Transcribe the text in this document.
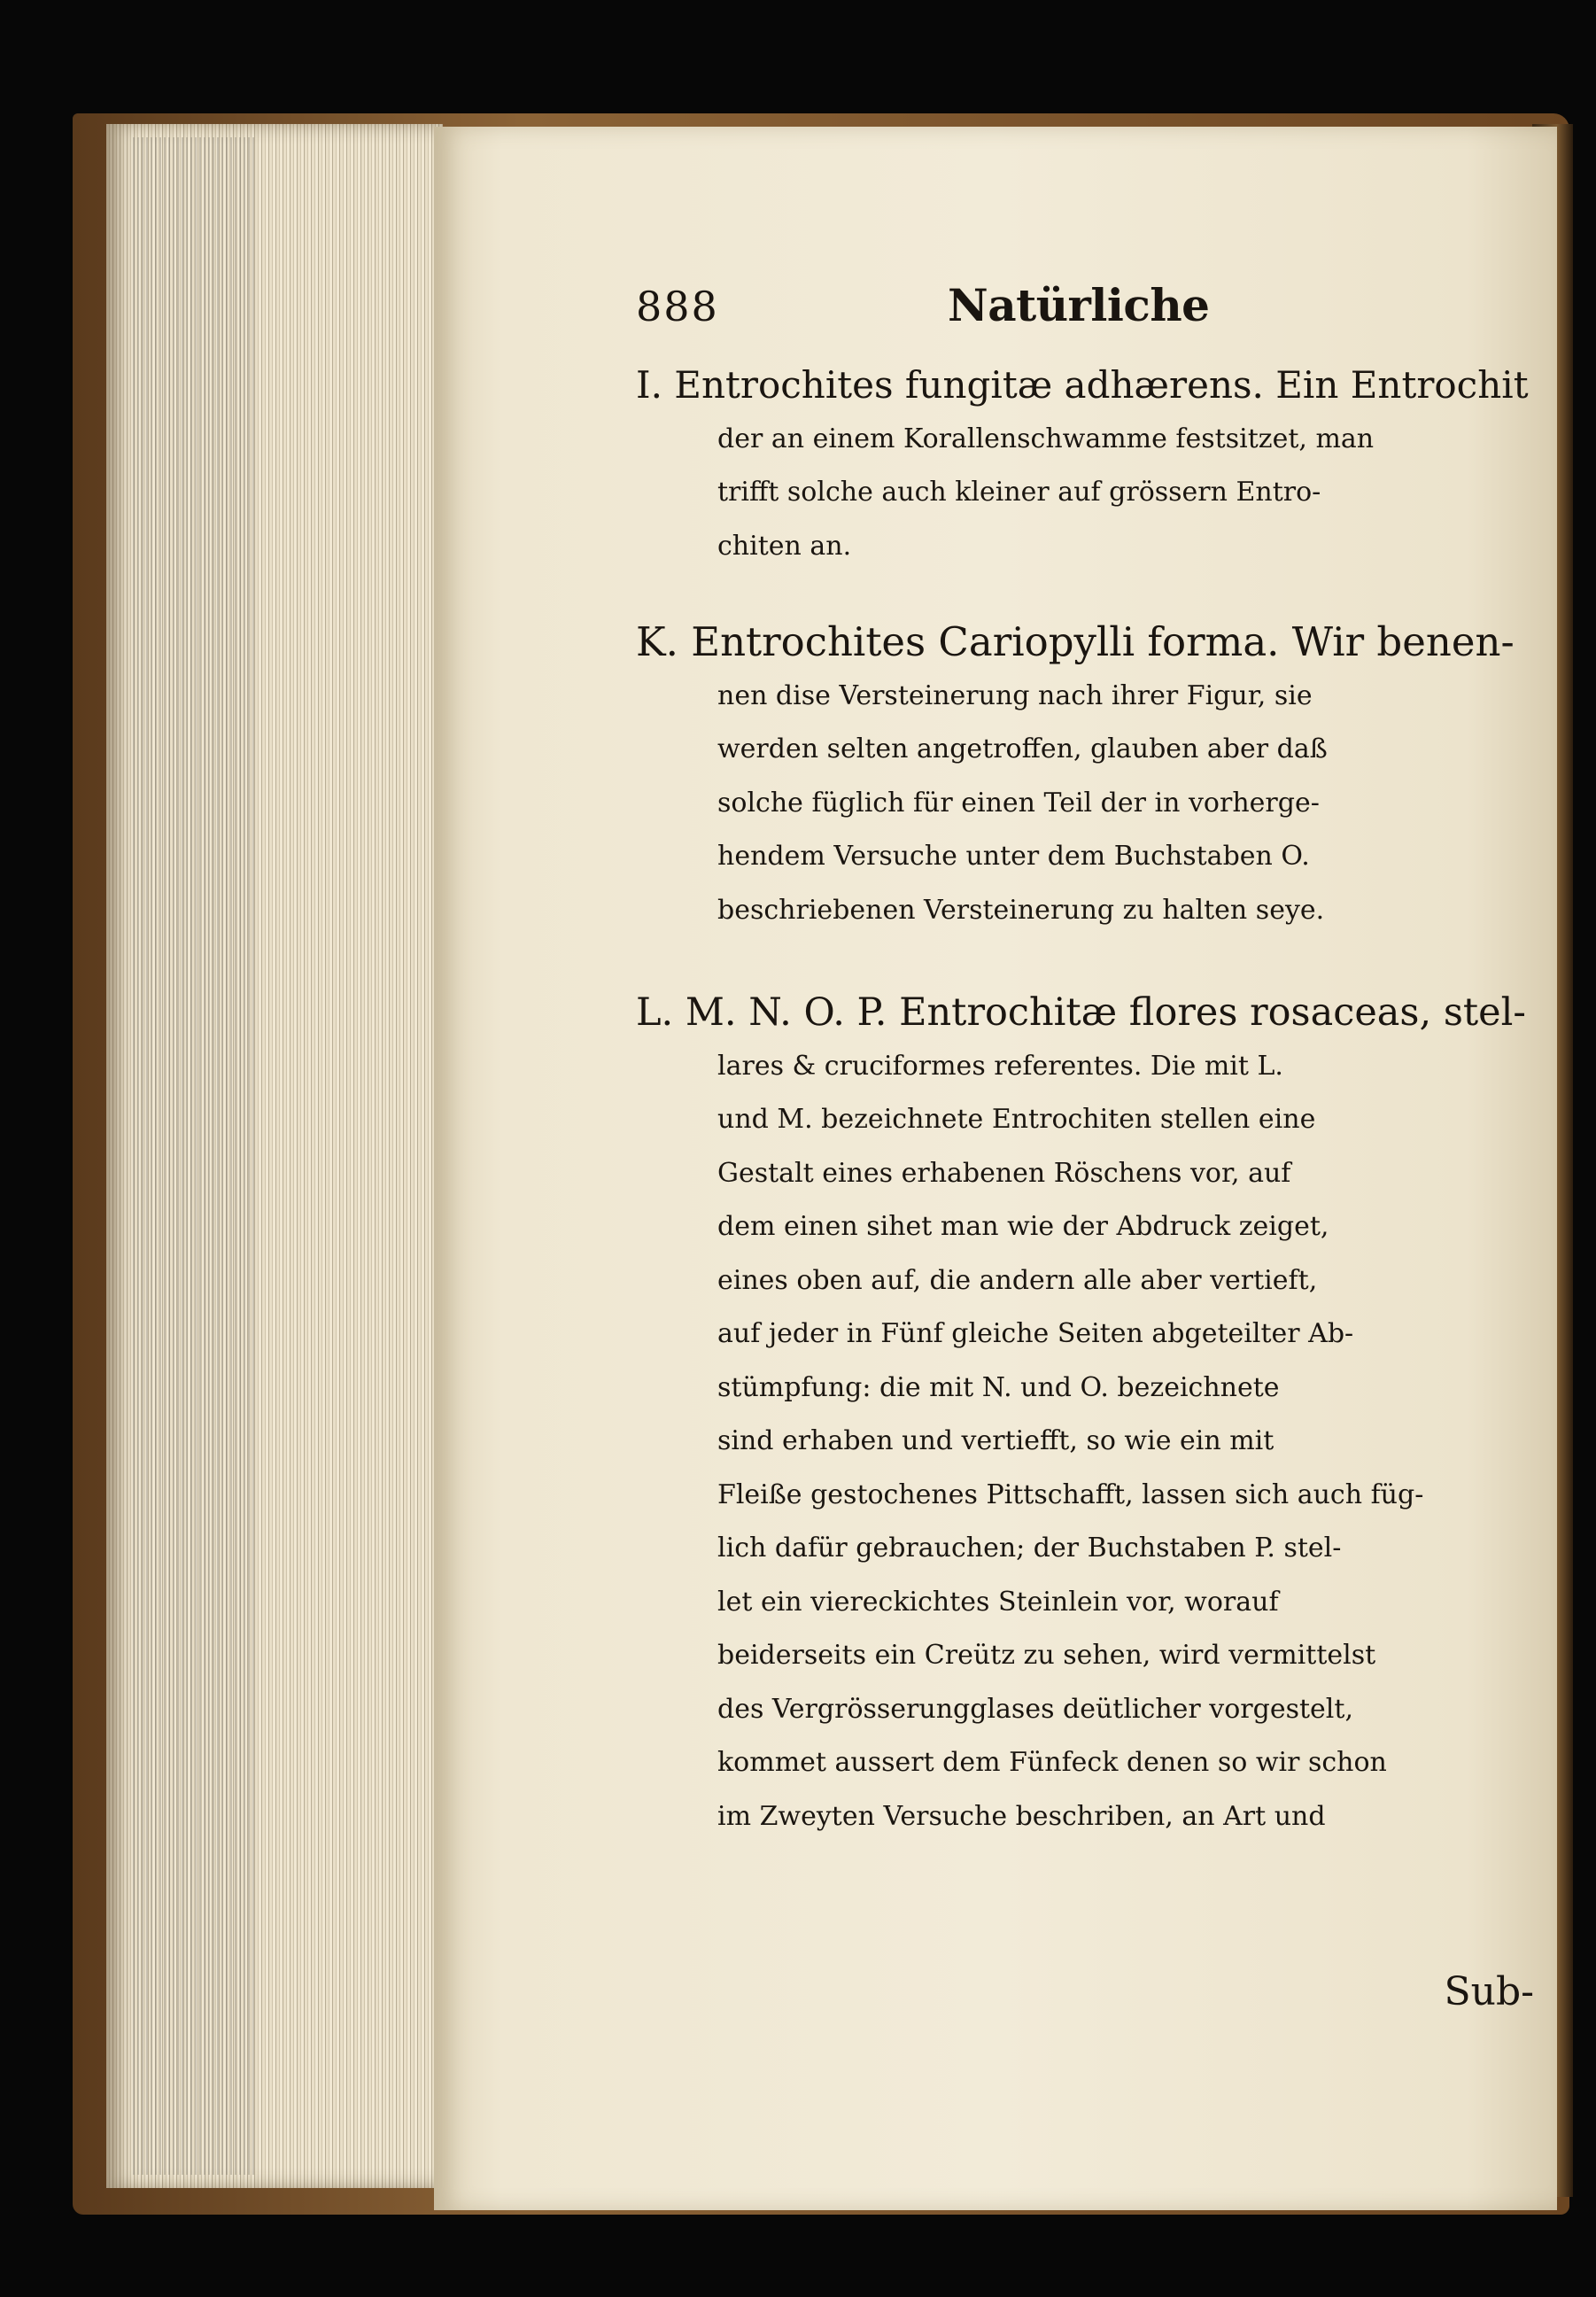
888	Natürliche
I. Entrochites fungitæ adhærens. Ein Entrochit
der an einem Korallenschwamme festsitzet, man
trifft solche auch kleiner auf grössern Entro-
chiten an.
K. Entrochites Cariopylli forma. Wir benen-
nen dise Versteinerung nach ihrer Figur, sie
werden selten angetroffen, glauben aber daß
solche füglich für einen Teil der in vorherge-
hendem Versuche unter dem Buchstaben O.
beschriebenen Versteinerung zu halten seye.
L. M. N. O. P. Entrochitæ flores rosaceas, stel-
lares & cruciformes referentes. Die mit L.
und M. bezeichnete Entrochiten stellen eine
Gestalt eines erhabenen Röschens vor, auf
dem einen sihet man wie der Abdruck zeiget,
eines oben auf, die andern alle aber vertieft,
auf jeder in Fünf gleiche Seiten abgeteilter Ab-
stümpfung: die mit N. und O. bezeichnete
sind erhaben und vertiefft, so wie ein mit
Fleiße gestochenes Pittschafft, lassen sich auch füg-
lich dafür gebrauchen; der Buchstaben P. stel-
let ein viereckichtes Steinlein vor, worauf
beiderseits ein Creütz zu sehen, wird vermittelst
des Vergrösserungglases deütlicher vorgestelt,
kommet aussert dem Fünfeck denen so wir schon
im Zweyten Versuche beschriben, an Art und
Sub-
